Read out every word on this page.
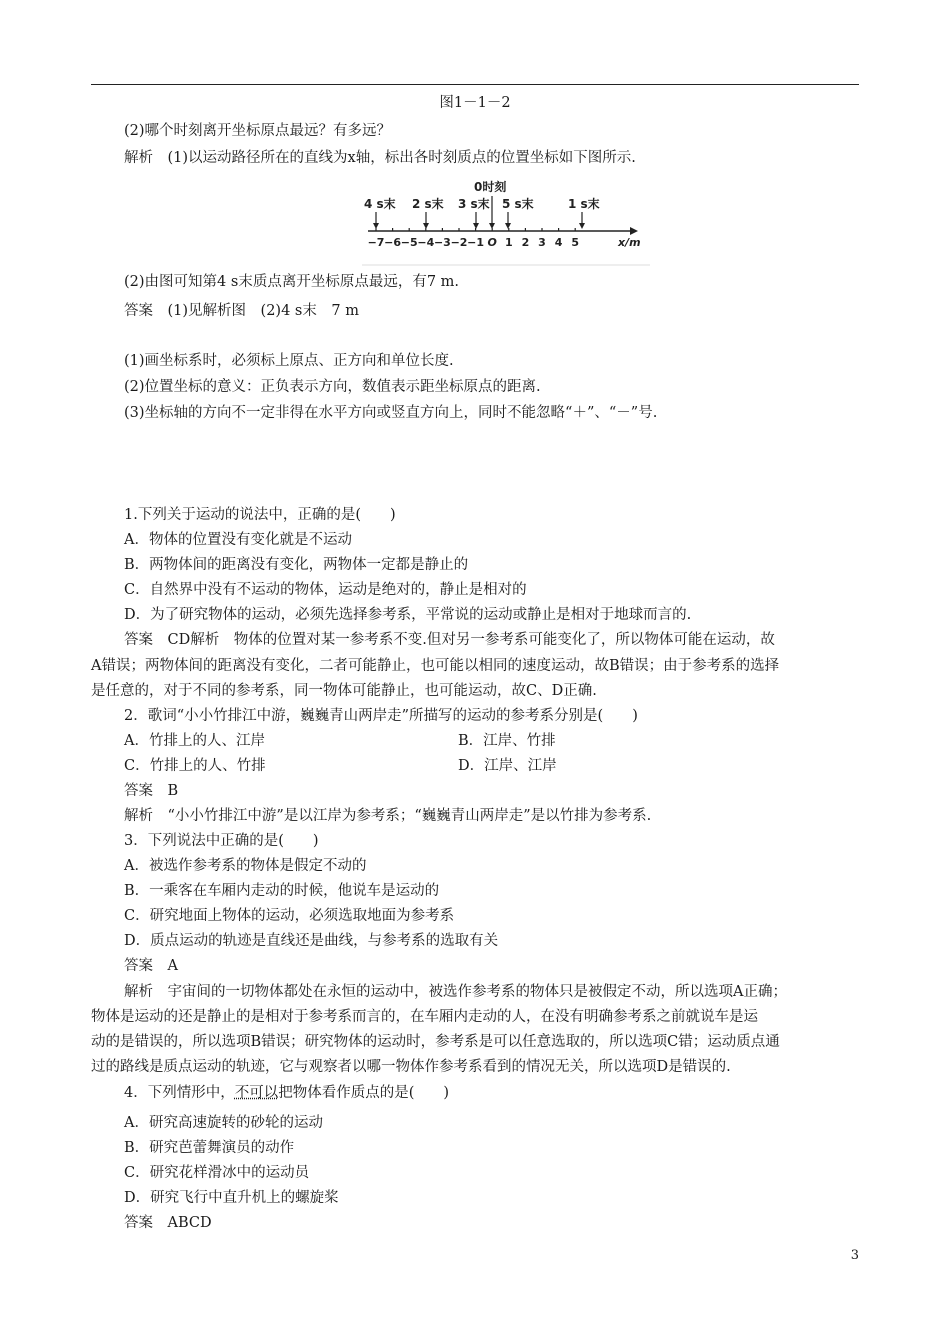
图1－1－2
(2)哪个时刻离开坐标原点最远？有多远？
解析　(1)以运动路径所在的直线为x轴，标出各时刻质点的位置坐标如下图所示.
−7 −6 −5 −4 −3 −2 −1 O 1 2 3 4 5
4 s末 2 s末 3 s末
0时刻
5 s末	1 s末
x/m
(2)由图可知第4 s末质点离开坐标原点最远，有7 m.
答案　(1)见解析图　(2)4 s末　7 m
(1)画坐标系时，必须标上原点、正方向和单位长度.
(2)位置坐标的意义：正负表示方向，数值表示距坐标原点的距离.
(3)坐标轴的方向不一定非得在水平方向或竖直方向上，同时不能忽略“＋”、“－”号.
1.下列关于运动的说法中，正确的是(　　)
A．物体的位置没有变化就是不运动
B．两物体间的距离没有变化，两物体一定都是静止的
C．自然界中没有不运动的物体，运动是绝对的，静止是相对的
D．为了研究物体的运动，必须先选择参考系，平常说的运动或静止是相对于地球而言的.
答案　CD解析　物体的位置对某一参考系不变.但对另一参考系可能变化了，所以物体可能在运动，故
A错误；两物体间的距离没有变化，二者可能静止，也可能以相同的速度运动，故B错误；由于参考系的选择
是任意的，对于不同的参考系，同一物体可能静止，也可能运动，故C、D正确.
2．歌词“小小竹排江中游，巍巍青山两岸走”所描写的运动的参考系分别是(　　)
A．竹排上的人、江岸	B．江岸、竹排
C．竹排上的人、竹排	D．江岸、江岸
答案　B
解析　“小小竹排江中游”是以江岸为参考系；“巍巍青山两岸走”是以竹排为参考系.
3．下列说法中正确的是(　　)
A．被选作参考系的物体是假定不动的
B．一乘客在车厢内走动的时候，他说车是运动的
C．研究地面上物体的运动，必须选取地面为参考系
D．质点运动的轨迹是直线还是曲线，与参考系的选取有关
答案　A
解析　宇宙间的一切物体都处在永恒的运动中，被选作参考系的物体只是被假定不动，所以选项A正确；
物体是运动的还是静止的是相对于参考系而言的，在车厢内走动的人，在没有明确参考系之前就说车是运
动的是错误的，所以选项B错误；研究物体的运动时，参考系是可以任意选取的，所以选项C错；运动质点通
过的路线是质点运动的轨迹，它与观察者以哪一物体作参考系看到的情况无关，所以选项D是错误的.
4．下列情形中，不可以把物体看作质点的是(　　)
A．研究高速旋转的砂轮的运动
B．研究芭蕾舞演员的动作
C．研究花样滑冰中的运动员
D．研究飞行中直升机上的螺旋桨
答案　ABCD
3
